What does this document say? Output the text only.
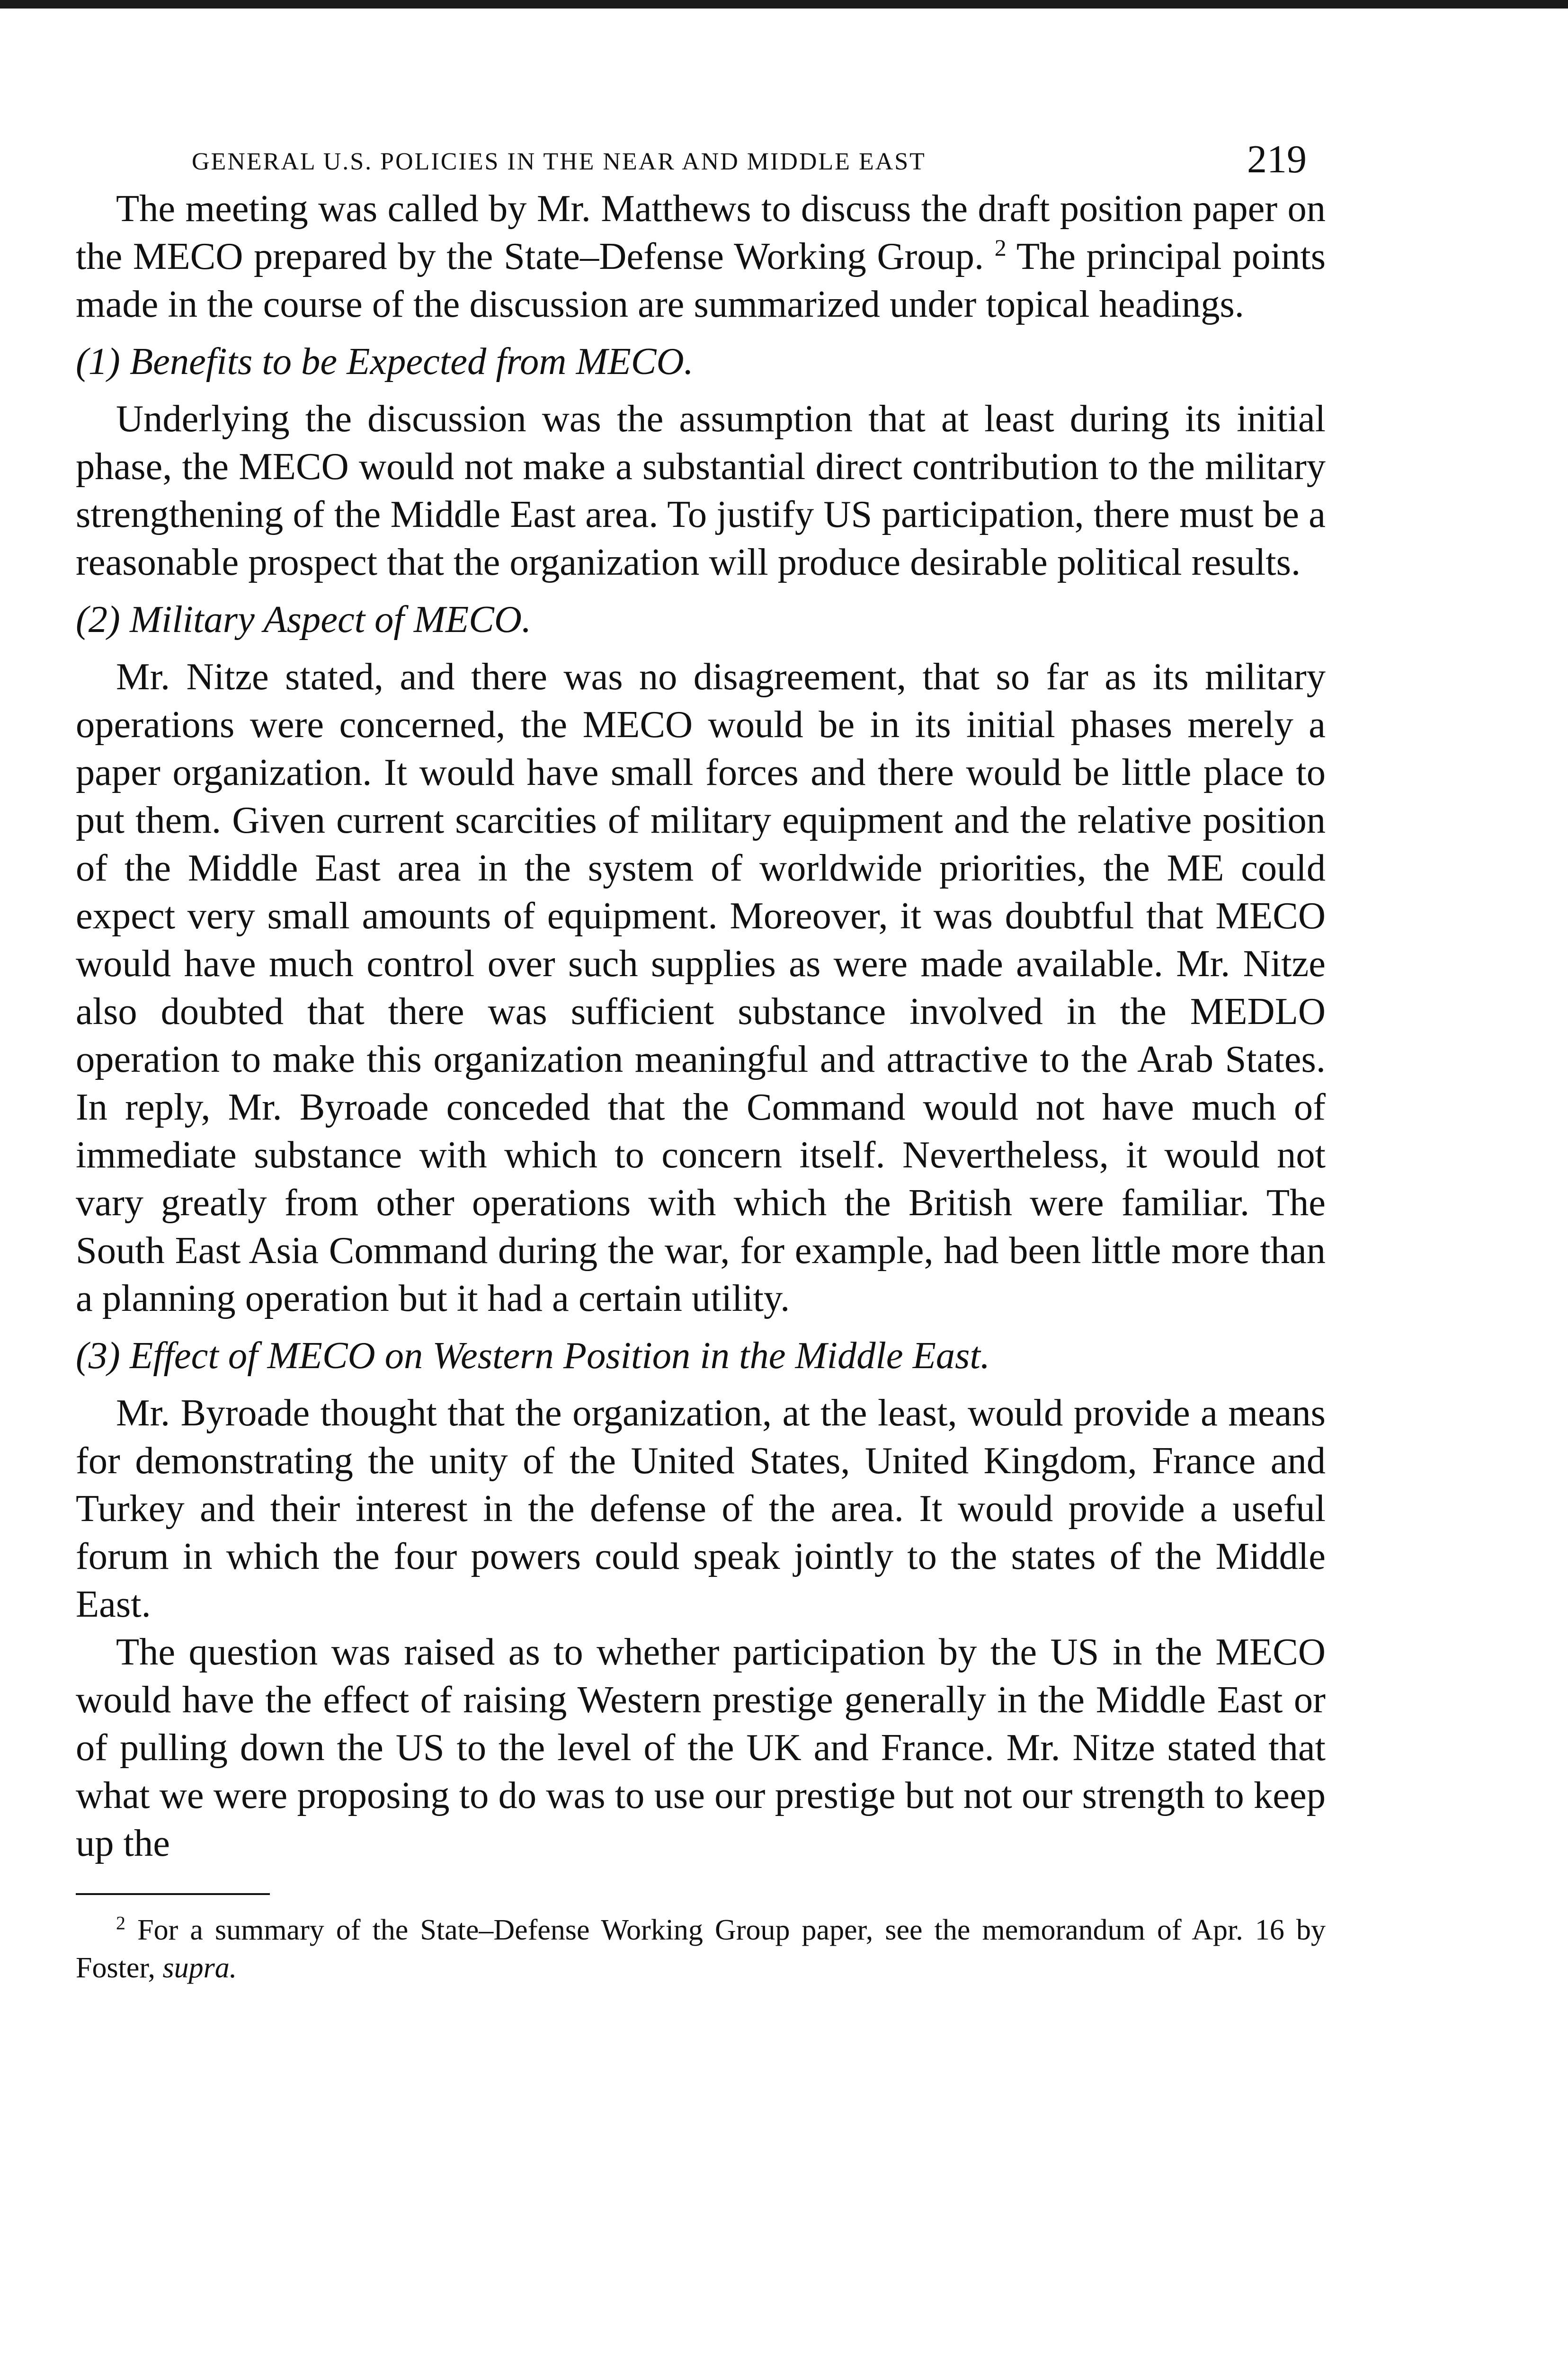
GENERAL U.S. POLICIES IN THE NEAR AND MIDDLE EAST	219

The meeting was called by Mr. Matthews to discuss the draft position paper on the MECO prepared by the State–Defense Working Group. $^2$ The principal points made in the course of the discussion are summarized under topical headings.

(1) Benefits to be Expected from MECO.

Underlying the discussion was the assumption that at least during its initial phase, the MECO would not make a substantial direct contribution to the military strengthening of the Middle East area. To justify US participation, there must be a reasonable prospect that the organization will produce desirable political results.

(2) Military Aspect of MECO.

Mr. Nitze stated, and there was no disagreement, that so far as its military operations were concerned, the MECO would be in its initial phases merely a paper organization. It would have small forces and there would be little place to put them. Given current scarcities of military equipment and the relative position of the Middle East area in the system of worldwide priorities, the ME could expect very small amounts of equipment. Moreover, it was doubtful that MECO would have much control over such supplies as were made available. Mr. Nitze also doubted that there was sufficient substance involved in the MEDLO operation to make this organization meaningful and attractive to the Arab States. In reply, Mr. Byroade conceded that the Command would not have much of immediate substance with which to concern itself. Nevertheless, it would not vary greatly from other operations with which the British were familiar. The South East Asia Command during the war, for example, had been little more than a planning operation but it had a certain utility.

(3) Effect of MECO on Western Position in the Middle East.

Mr. Byroade thought that the organization, at the least, would provide a means for demonstrating the unity of the United States, United Kingdom, France and Turkey and their interest in the defense of the area. It would provide a useful forum in which the four powers could speak jointly to the states of the Middle East.

The question was raised as to whether participation by the US in the MECO would have the effect of raising Western prestige generally in the Middle East or of pulling down the US to the level of the UK and France. Mr. Nitze stated that what we were proposing to do was to use our prestige but not our strength to keep up the

$^2$ For a summary of the State–Defense Working Group paper, see the memorandum of Apr. 16 by Foster, supra.
